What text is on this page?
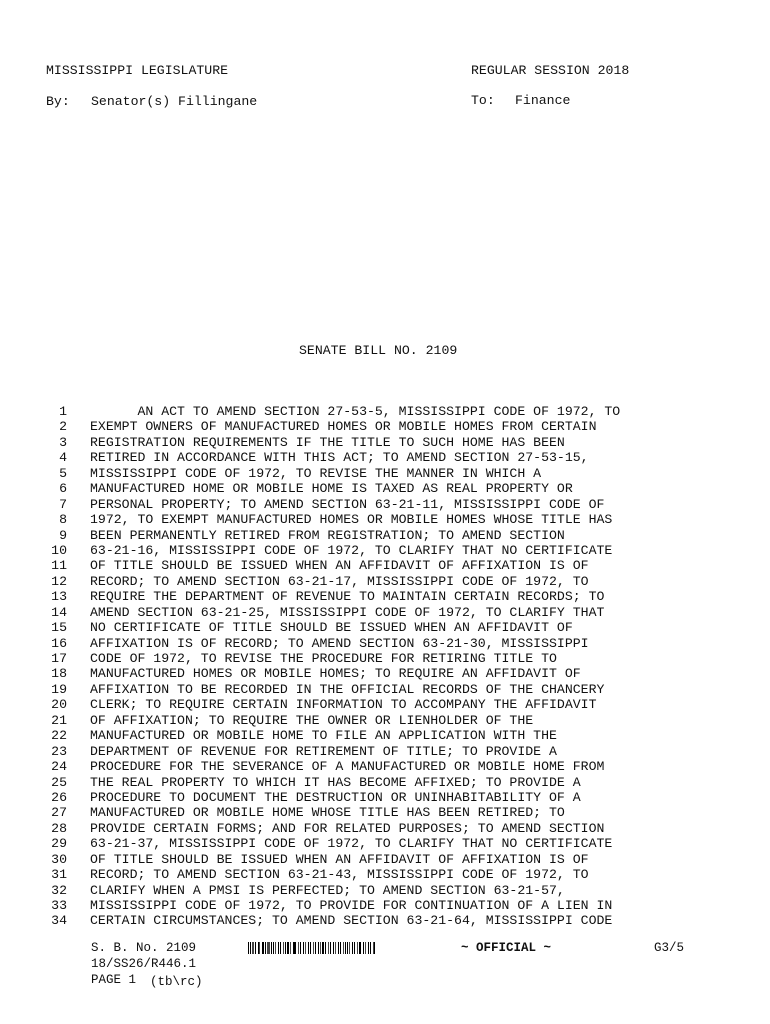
MISSISSIPPI LEGISLATURE	REGULAR SESSION 2018
By: Senator(s) Fillingane	To: Finance
SENATE BILL NO. 2109
1 AN ACT TO AMEND SECTION 27-53-5, MISSISSIPPI CODE OF 1972, TO
2 EXEMPT OWNERS OF MANUFACTURED HOMES OR MOBILE HOMES FROM CERTAIN
3 REGISTRATION REQUIREMENTS IF THE TITLE TO SUCH HOME HAS BEEN
4 RETIRED IN ACCORDANCE WITH THIS ACT; TO AMEND SECTION 27-53-15,
5 MISSISSIPPI CODE OF 1972, TO REVISE THE MANNER IN WHICH A
6 MANUFACTURED HOME OR MOBILE HOME IS TAXED AS REAL PROPERTY OR
7 PERSONAL PROPERTY; TO AMEND SECTION 63-21-11, MISSISSIPPI CODE OF
8 1972, TO EXEMPT MANUFACTURED HOMES OR MOBILE HOMES WHOSE TITLE HAS
9 BEEN PERMANENTLY RETIRED FROM REGISTRATION; TO AMEND SECTION
10 63-21-16, MISSISSIPPI CODE OF 1972, TO CLARIFY THAT NO CERTIFICATE
11 OF TITLE SHOULD BE ISSUED WHEN AN AFFIDAVIT OF AFFIXATION IS OF
12 RECORD; TO AMEND SECTION 63-21-17, MISSISSIPPI CODE OF 1972, TO
13 REQUIRE THE DEPARTMENT OF REVENUE TO MAINTAIN CERTAIN RECORDS; TO
14 AMEND SECTION 63-21-25, MISSISSIPPI CODE OF 1972, TO CLARIFY THAT
15 NO CERTIFICATE OF TITLE SHOULD BE ISSUED WHEN AN AFFIDAVIT OF
16 AFFIXATION IS OF RECORD; TO AMEND SECTION 63-21-30, MISSISSIPPI
17 CODE OF 1972, TO REVISE THE PROCEDURE FOR RETIRING TITLE TO
18 MANUFACTURED HOMES OR MOBILE HOMES; TO REQUIRE AN AFFIDAVIT OF
19 AFFIXATION TO BE RECORDED IN THE OFFICIAL RECORDS OF THE CHANCERY
20 CLERK; TO REQUIRE CERTAIN INFORMATION TO ACCOMPANY THE AFFIDAVIT
21 OF AFFIXATION; TO REQUIRE THE OWNER OR LIENHOLDER OF THE
22 MANUFACTURED OR MOBILE HOME TO FILE AN APPLICATION WITH THE
23 DEPARTMENT OF REVENUE FOR RETIREMENT OF TITLE; TO PROVIDE A
24 PROCEDURE FOR THE SEVERANCE OF A MANUFACTURED OR MOBILE HOME FROM
25 THE REAL PROPERTY TO WHICH IT HAS BECOME AFFIXED; TO PROVIDE A
26 PROCEDURE TO DOCUMENT THE DESTRUCTION OR UNINHABITABILITY OF A
27 MANUFACTURED OR MOBILE HOME WHOSE TITLE HAS BEEN RETIRED; TO
28 PROVIDE CERTAIN FORMS; AND FOR RELATED PURPOSES; TO AMEND SECTION
29 63-21-37, MISSISSIPPI CODE OF 1972, TO CLARIFY THAT NO CERTIFICATE
30 OF TITLE SHOULD BE ISSUED WHEN AN AFFIDAVIT OF AFFIXATION IS OF
31 RECORD; TO AMEND SECTION 63-21-43, MISSISSIPPI CODE OF 1972, TO
32 CLARIFY WHEN A PMSI IS PERFECTED; TO AMEND SECTION 63-21-57,
33 MISSISSIPPI CODE OF 1972, TO PROVIDE FOR CONTINUATION OF A LIEN IN
34 CERTAIN CIRCUMSTANCES; TO AMEND SECTION 63-21-64, MISSISSIPPI CODE
S. B. No. 2109	~ OFFICIAL ~	G3/5
18/SS26/R446.1
PAGE 1 (tb\rc)
